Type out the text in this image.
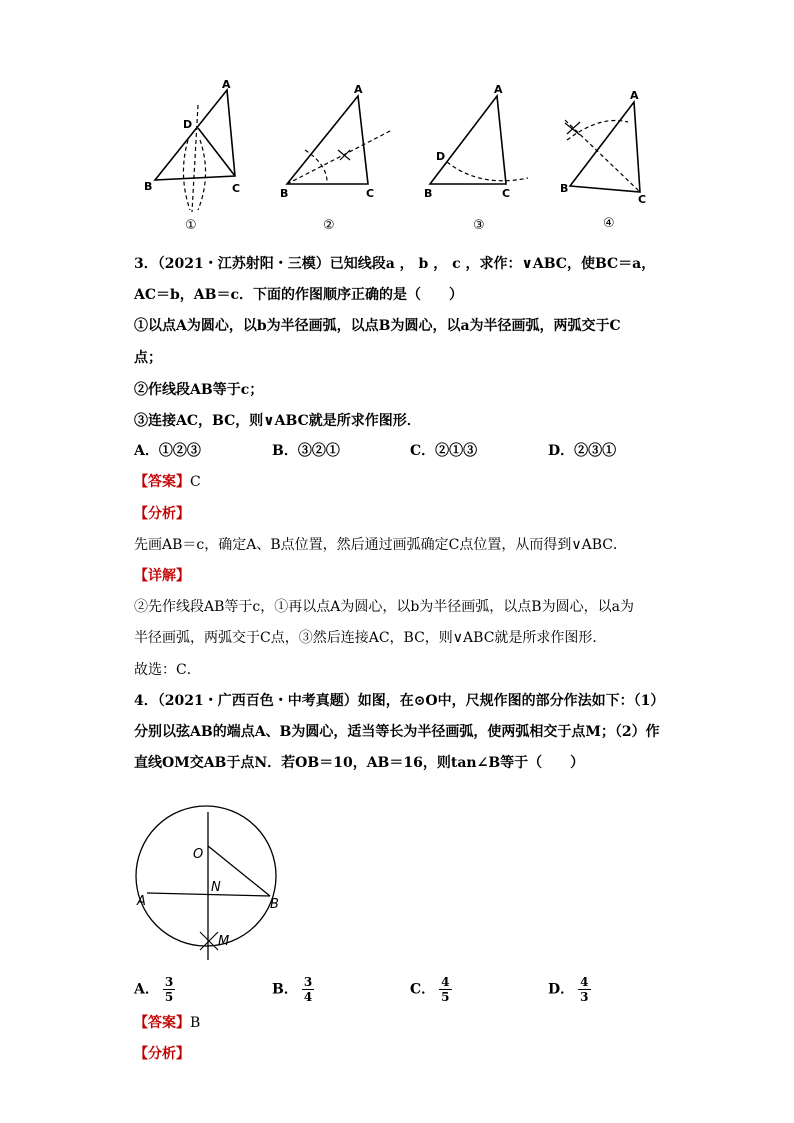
A
D
B	C
A
B	C
A
D
B	C
A
B
C
①	②	③	④
3．（2021・江苏射阳・三模）已知线段a ， b ， c ，求作：∨ABC，使BC＝a，
AC＝b，AB＝c．下面的作图顺序正确的是（　　）
①以点A为圆心，以b为半径画弧，以点B为圆心，以a为半径画弧，两弧交于C
点；
②作线段AB等于c；
③连接AC，BC，则∨ABC就是所求作图形．
A．①②③	B．③②①	C．②①③	D．②③①
【答案】C
【分析】
先画AB＝c，确定A、B点位置，然后通过画弧确定C点位置，从而得到∨ABC．
【详解】
②先作线段AB等于c，①再以点A为圆心，以b为半径画弧，以点B为圆心，以a为
半径画弧，两弧交于C点，③然后连接AC，BC，则∨ABC就是所求作图形．
故选：C．
4．（2021・广西百色・中考真题）如图，在⊙O中，尺规作图的部分作法如下：（1）
分别以弦AB的端点A、B为圆心，适当等长为半径画弧，使两弧相交于点M；（2）作
直线OM交AB于点N．若OB＝10，AB＝16，则tan∠B等于（　　）
O
N
A	B
M
A． $\frac{3}{5}$	B． $\frac{3}{4}$	C． $\frac{4}{5}$	D． $\frac{4}{3}$
【答案】B
【分析】
